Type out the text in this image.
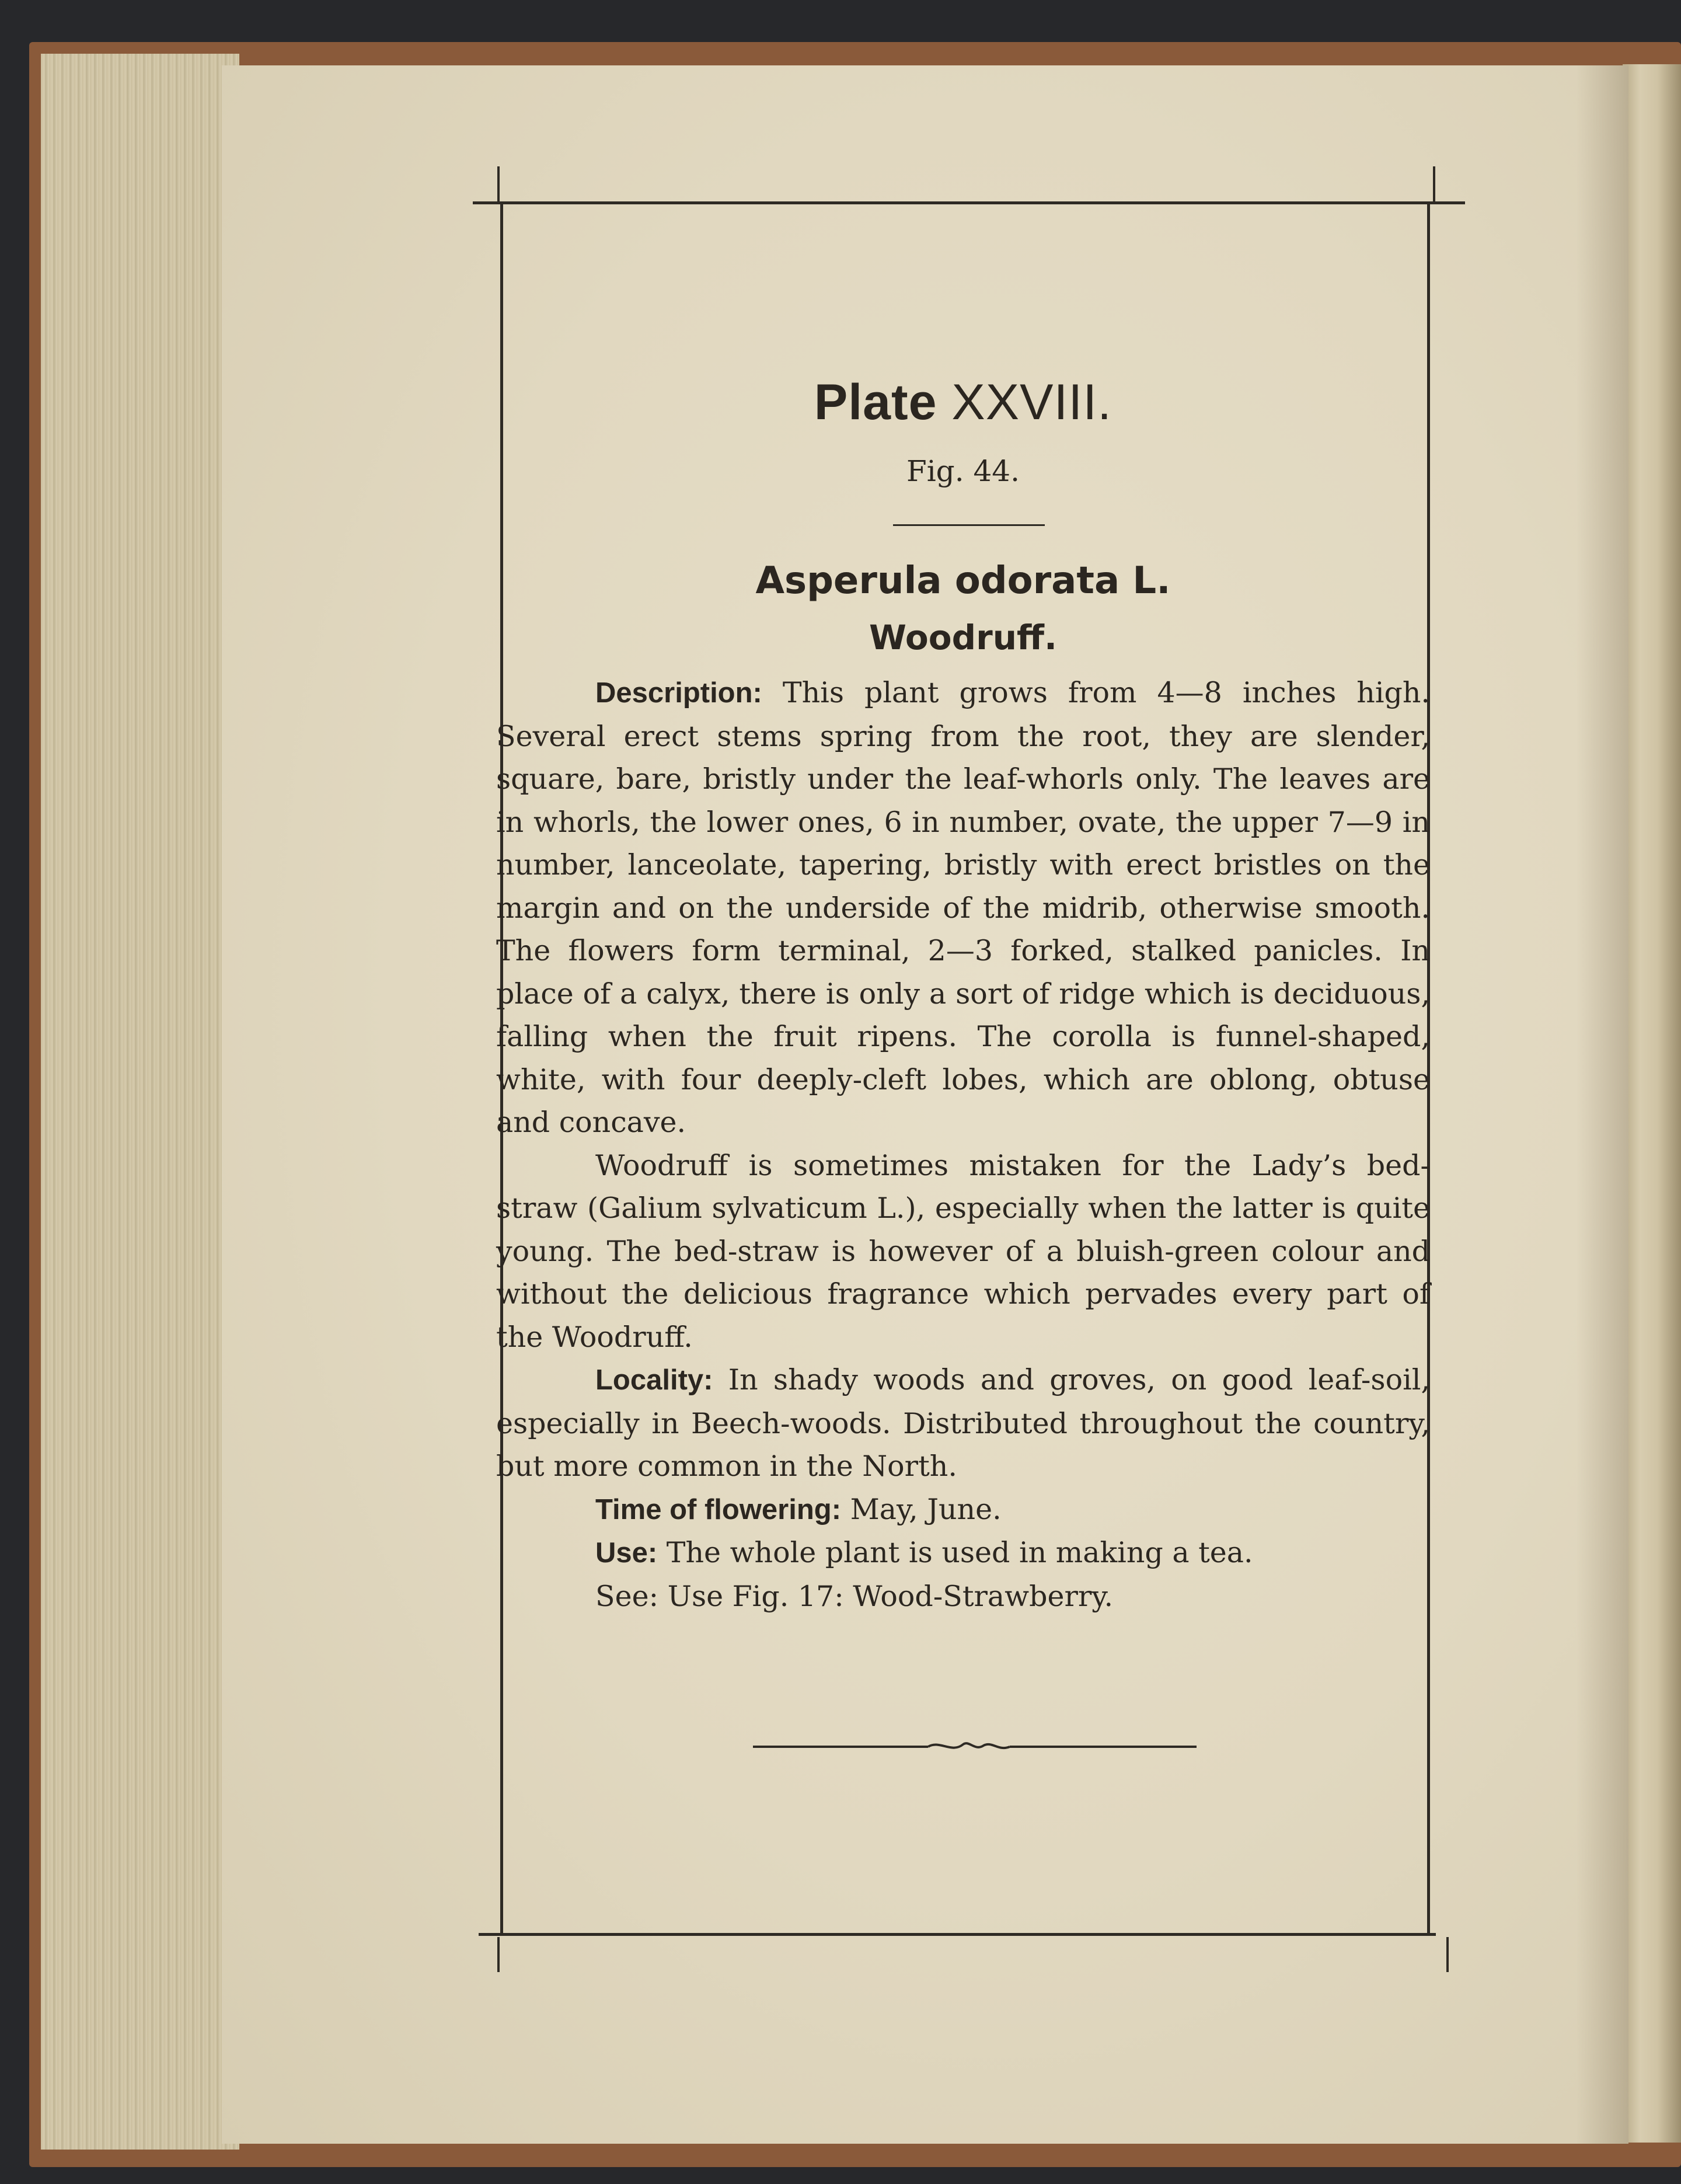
Plate XXVIII.
Fig. 44.
Asperula odorata L.
Woodruff.

Description: This plant grows from 4—8 inches high. Several erect stems spring from the root, they are slender, square, bare, bristly under the leaf-whorls only. The leaves are in whorls, the lower ones, 6 in number, ovate, the upper 7—9 in number, lanceolate, tapering, bristly with erect bristles on the margin and on the underside of the midrib, otherwise smooth. The flowers form terminal, 2—3 forked, stalked panicles. In place of a calyx, there is only a sort of ridge which is deciduous, falling when the fruit ripens. The corolla is funnel-shaped, white, with four deeply-cleft lobes, which are oblong, obtuse and concave.

Woodruff is sometimes mistaken for the Lady’s bed-straw (Galium sylvaticum L.), especially when the latter is quite young. The bed-straw is however of a bluish-green colour and without the delicious fragrance which pervades every part of the Woodruff.

Locality: In shady woods and groves, on good leaf-soil, especially in Beech-woods. Distributed throughout the country, but more common in the North.

Time of flowering: May, June.

Use: The whole plant is used in making a tea.

See: Use Fig. 17: Wood-Strawberry.
